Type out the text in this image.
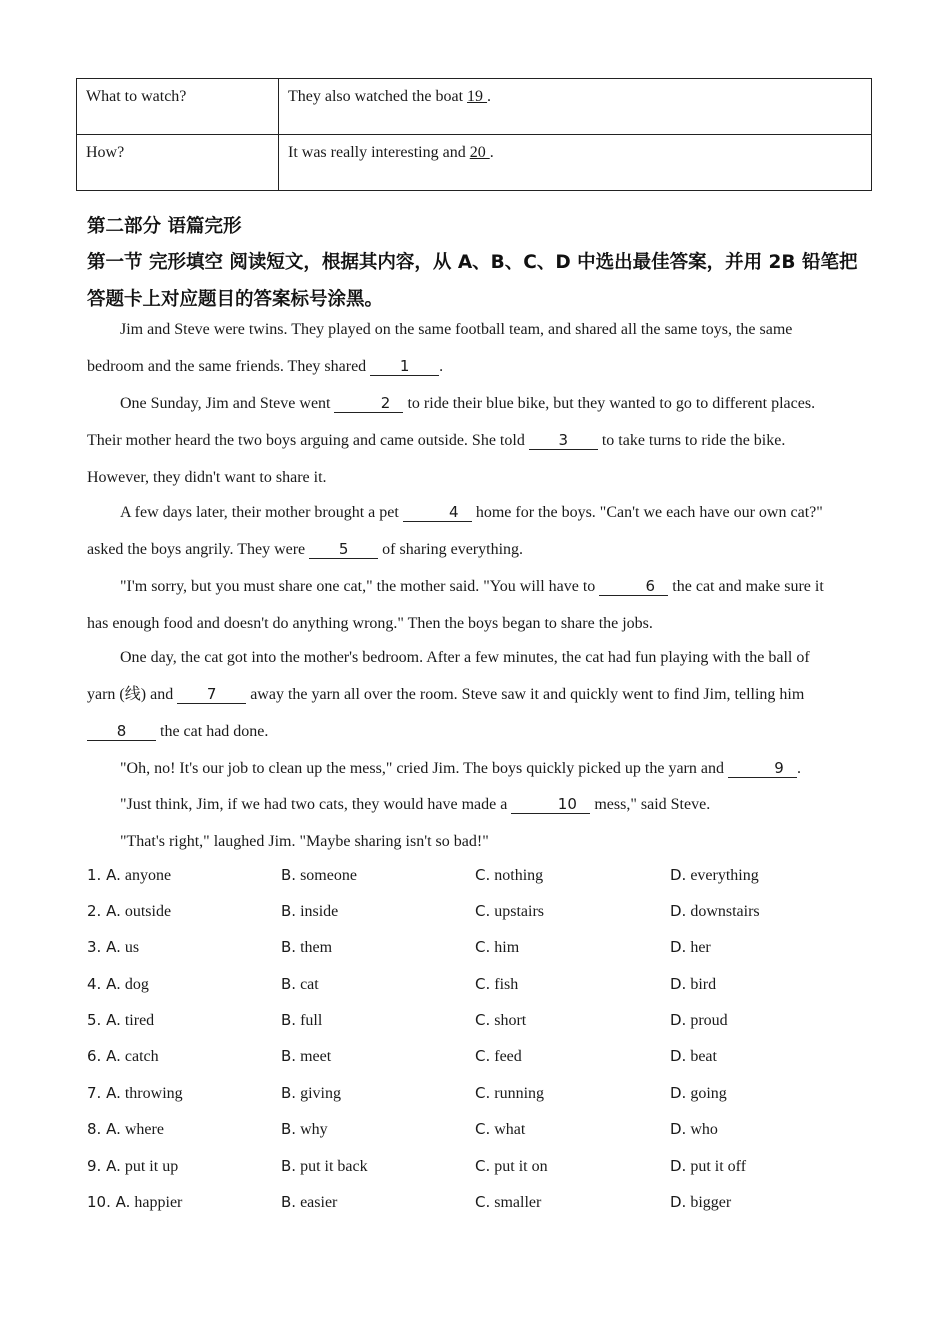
What to watch?	They also watched the boat 19 .
How?	It was really interesting and 20 .
第二部分 语篇完形
第一节 完形填空 阅读短文，根据其内容，从 A、B、C、D 中选出最佳答案，并用 2B 铅笔把
答题卡上对应题目的答案标号涂黑。
Jim and Steve were twins. They played on the same football team, and shared all the same toys, the same
bedroom and the same friends. They shared 1 .
One Sunday, Jim and Steve went	2 to ride their blue bike, but they wanted to go to different places.
Their mother heard the two boys arguing and came outside. She told 3 to take turns to ride the bike.
However, they didn't want to share it.
A few days later, their mother brought a pet	4 home for the boys. "Can't we each have our own cat?"
asked the boys angrily. They were 5 of sharing everything.
"I'm sorry, but you must share one cat," the mother said. "You will have to	6 the cat and make sure it
has enough food and doesn't do anything wrong." Then the boys began to share the jobs.
One day, the cat got into the mother's bedroom. After a few minutes, the cat had fun playing with the ball of
yarn (线) and 7 away the yarn all over the room. Steve saw it and quickly went to find Jim, telling him
8 the cat had done.
"Oh, no! It's our job to clean up the mess," cried Jim. The boys quickly picked up the yarn and	9 .
"Just think, Jim, if we had two cats, they would have made a	10 mess," said Steve.
"That's right," laughed Jim. "Maybe sharing isn't so bad!"
1. A. anyone	B. someone	C. nothing	D. everything
2. A. outside	B. inside	C. upstairs	D. downstairs
3. A. us	B. them	C. him	D. her
4. A. dog	B. cat	C. fish	D. bird
5. A. tired	B. full	C. short	D. proud
6. A. catch	B. meet	C. feed	D. beat
7. A. throwing	B. giving	C. running	D. going
8. A. where	B. why	C. what	D. who
9. A. put it up	B. put it back	C. put it on	D. put it off
10. A. happier	B. easier	C. smaller	D. bigger
